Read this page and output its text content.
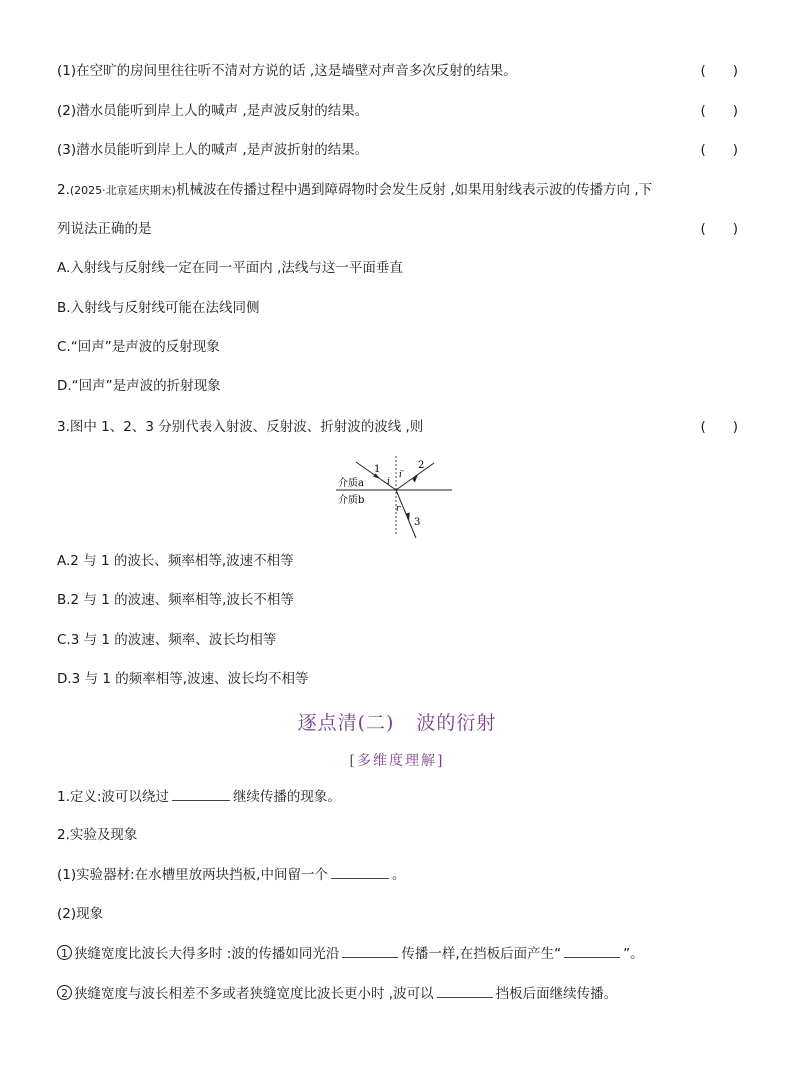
(1)在空旷的房间里往往听不清对方说的话 ,这是墙壁对声音多次反射的结果。	(　　)
(2)潜水员能听到岸上人的喊声 ,是声波反射的结果。	(　　)
(3)潜水员能听到岸上人的喊声 ,是声波折射的结果。	(　　)
2.(2025·北京延庆期末)机械波在传播过程中遇到障碍物时会发生反射 ,如果用射线表示波的传播方向 ,下
列说法正确的是	(　　)
A.入射线与反射线一定在同一平面内 ,法线与这一平面垂直
B.入射线与反射线可能在法线同侧
C.“回声”是声波的反射现象
D.“回声”是声波的折射现象
3.图中 1、2、3 分别代表入射波、反射波、折射波的波线 ,则	(　　)
介质a
介质b
1	2
3
i
i′
r
A.2 与 1 的波长、频率相等,波速不相等
B.2 与 1 的波速、频率相等,波长不相等
C.3 与 1 的波速、频率、波长均相等
D.3 与 1 的频率相等,波速、波长均不相等
逐点清(二) 波的衍射
[多维度理解]
1.定义:波可以绕过	继续传播的现象。
2.实验及现象
(1)实验器材:在水槽里放两块挡板,中间留一个	。
(2)现象
1 狭缝宽度比波长大得多时 :波的传播如同光沿	传播一样,在挡板后面产生“	”。
2 狭缝宽度与波长相差不多或者狭缝宽度比波长更小时 ,波可以	挡板后面继续传播。
